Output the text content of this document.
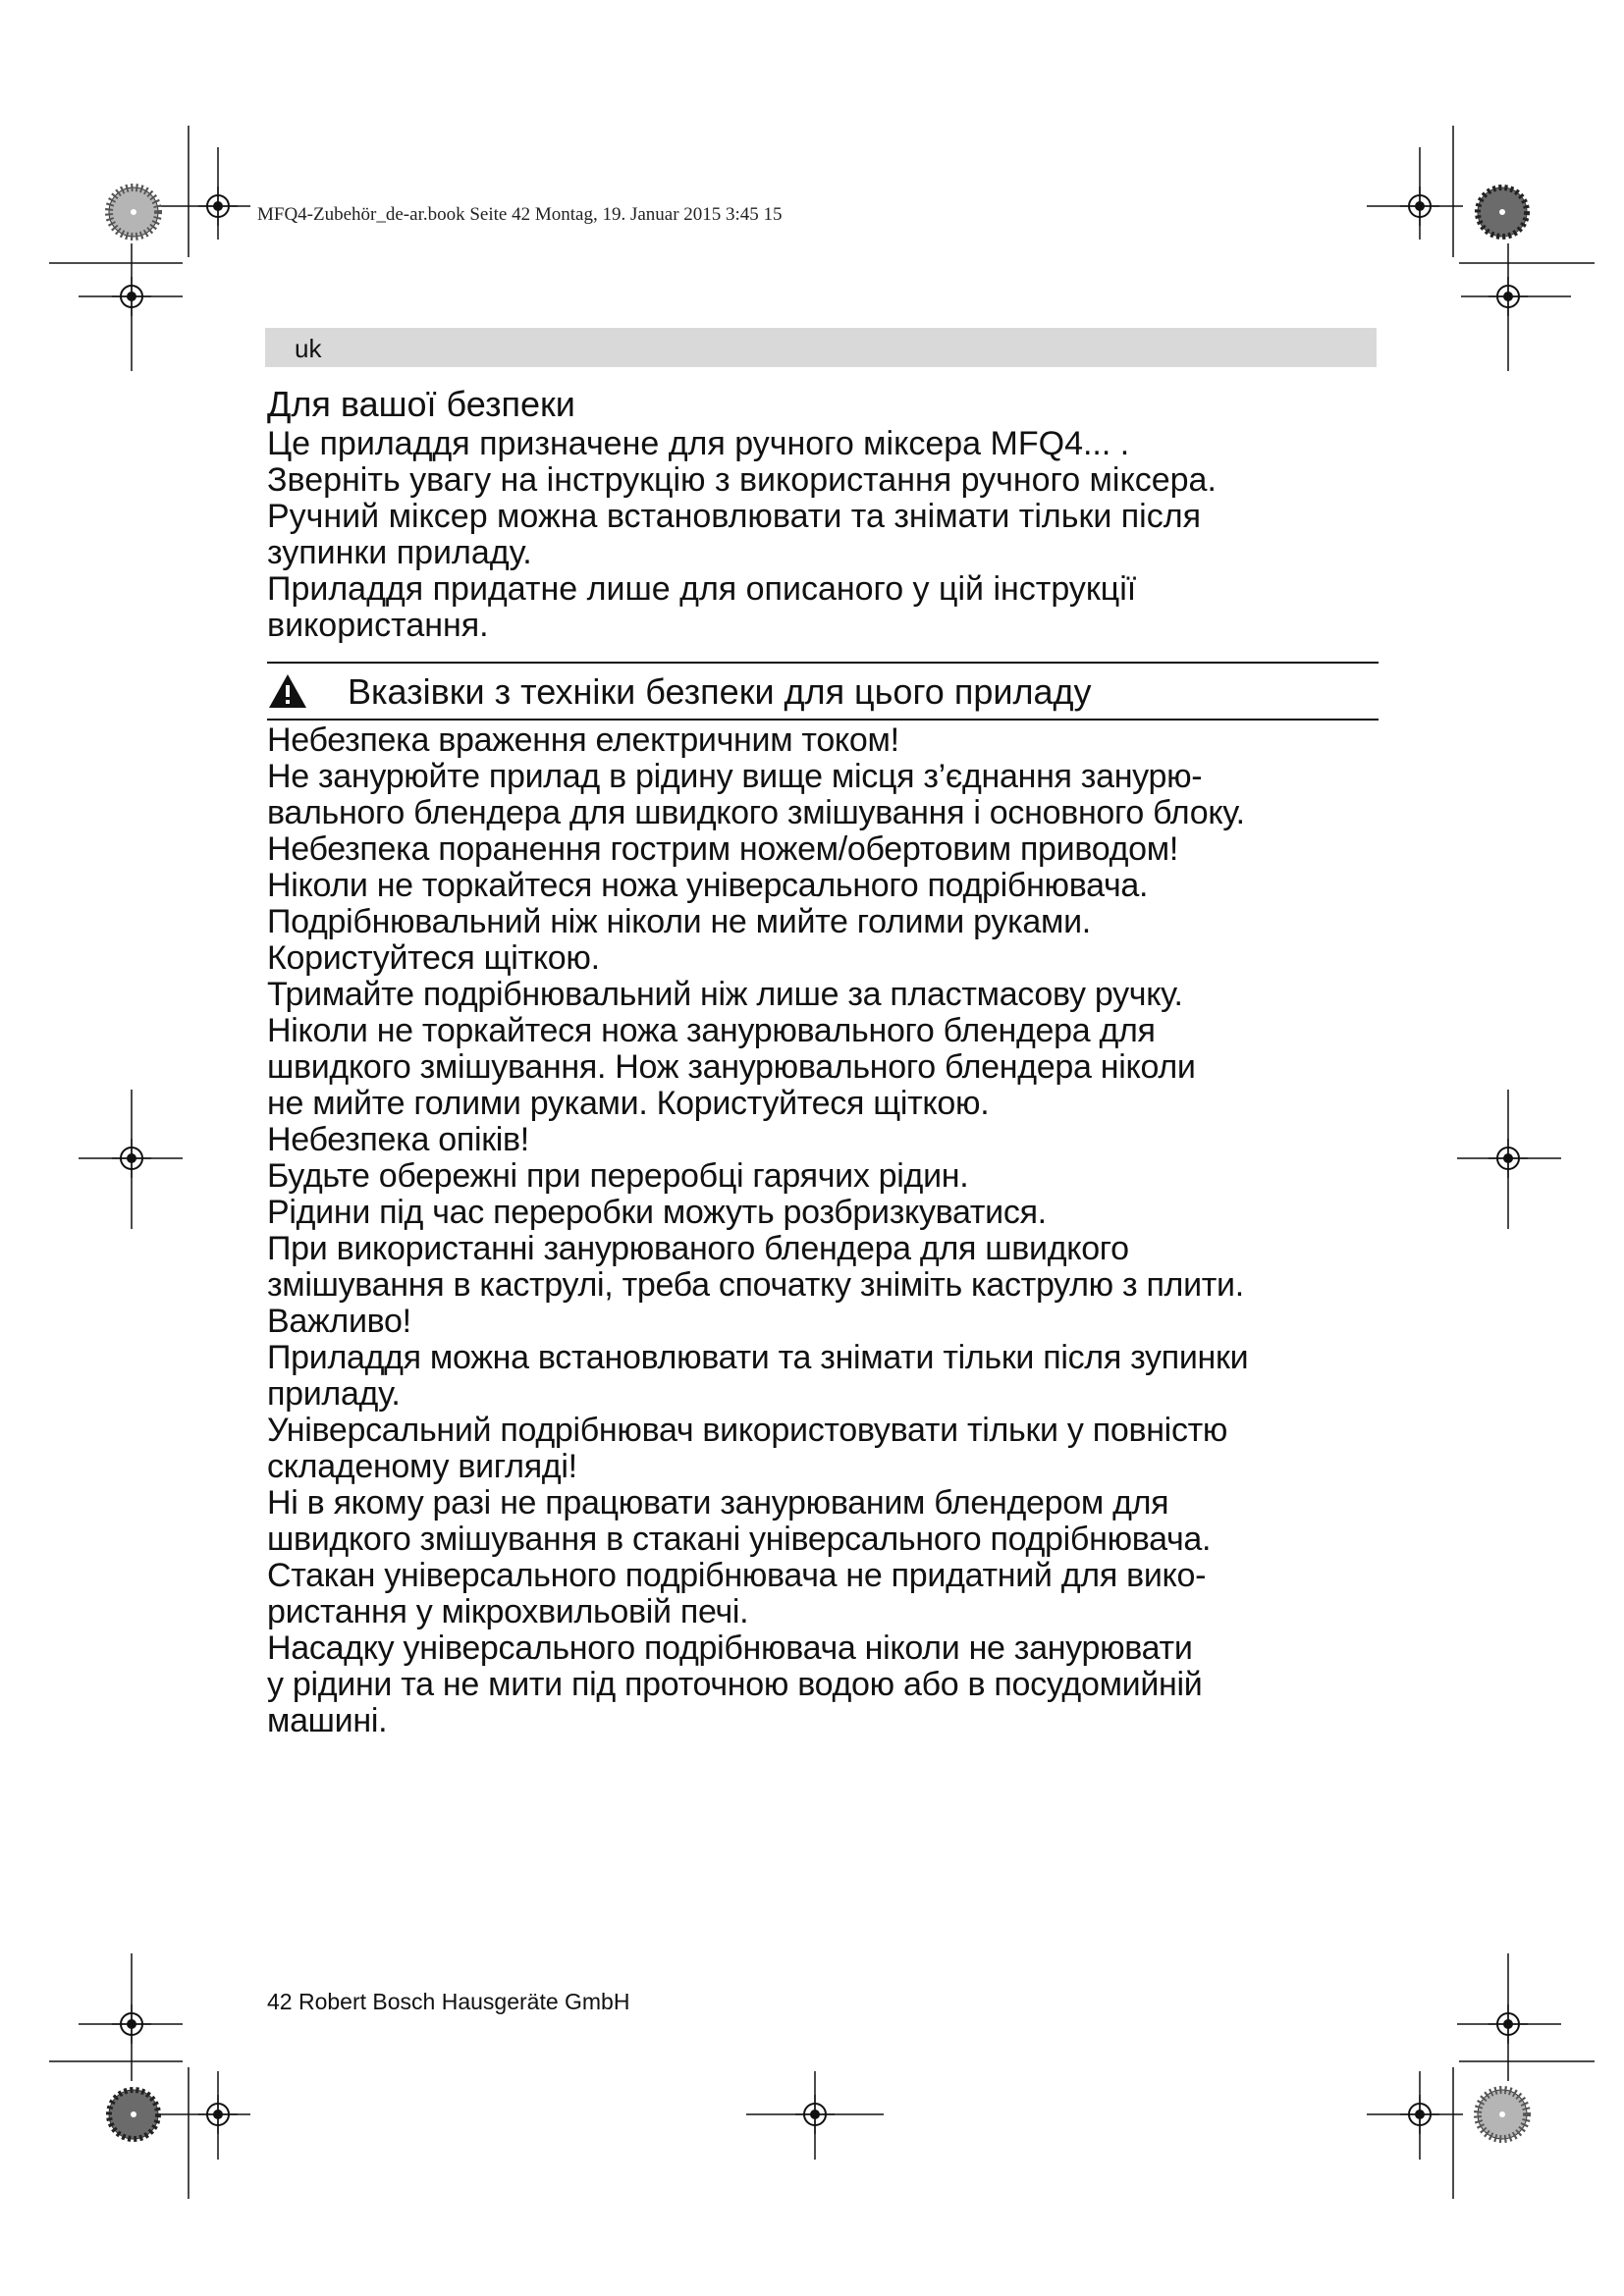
MFQ4-Zubehör_de-ar.book Seite 42 Montag, 19. Januar 2015 3:45 15
uk
Для вашої безпеки

Це приладдя призначене для ручного міксера MFQ4... .

Зверніть увагу на інструкцію з використання ручного міксера.

Ручний міксер можна встановлювати та знімати тільки після

зупинки приладу.

Приладдя придатне лише для описаного у цій інструкції

використання.

Вказівки з техніки безпеки для цього приладу

Небезпека враження електричним током!

Не занурюйте прилад в рідину вище місця з’єднання занурю-

вального блендера для швидкого змішування і основного блоку.

Небезпека поранення гострим ножем/обертовим приводом!

Ніколи не торкайтеся ножа універсального подрібнювача.

Подрібнювальний ніж ніколи не мийте голими руками.

Користуйтеся щіткою.

Тримайте подрібнювальний ніж лише за пластмасову ручку.

Ніколи не торкайтеся ножа занурювального блендера для

швидкого змішування. Нож занурювального блендера ніколи

не мийте голими руками. Користуйтеся щіткою.

Небезпека опіків!

Будьте обережні при переробці гарячих рідин.

Рідини під час переробки можуть розбризкуватися.

При використанні занурюваного блендера для швидкого

змішування в каструлі, треба спочатку зніміть каструлю з плити.

Важливо!

Приладдя можна встановлювати та знімати тільки після зупинки

приладу.

Універсальний подрібнювач використовувати тільки у повністю

складеному вигляді!

Ні в якому разі не працювати занурюваним блендером для

швидкого змішування в стакані універсального подрібнювача.

Стакан універсального подрібнювача не придатний для вико-

ристання у мікрохвильовій печі.

Насадку універсального подрібнювача ніколи не занурювати

у рідини та не мити під проточною водою або в посудомийній

машині.

42 Robert Bosch Hausgeräte GmbH
